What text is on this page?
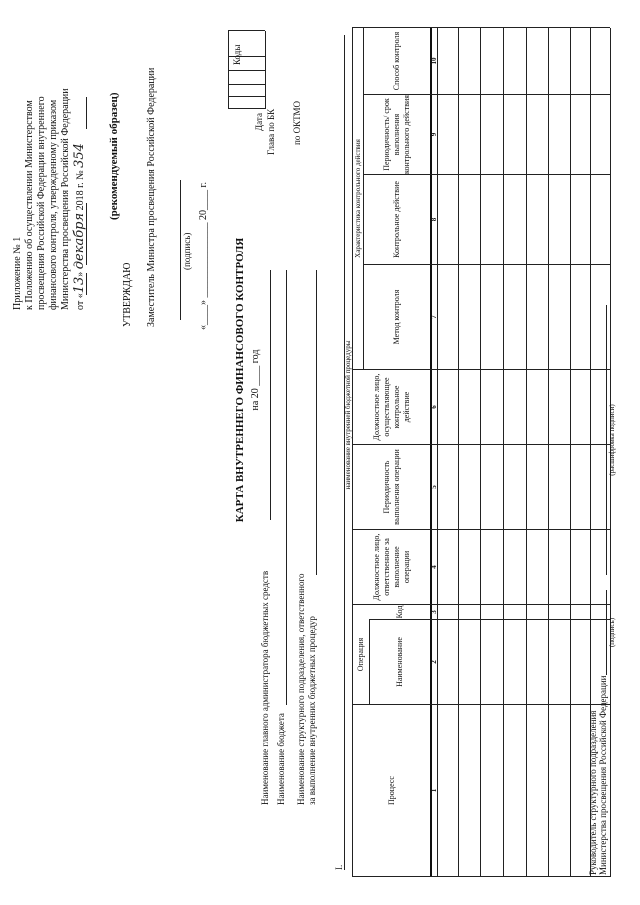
Приложение № 1 к Положению об осуществлении Министерством просвещения Российской Федерации внутреннего финансового контроля, утвержденному приказом Министерства просвещения Российской Федерации от «13» декабря 2018 г. № 354 (рекомендуемый образец)
УТВЕРЖДАЮ Заместитель Министра просвещения Российской Федерации	(подпись) «____» _______________ 20____ г.
Коды
Дата Глава по БК по ОКТМО
КАРТА ВНУТРЕННЕГО ФИНАНСОВОГО КОНТРОЛЯ на 20 ____ год
Наименование главного администратора бюджетных средств Наименование бюджета Наименование структурного подразделения, ответственного за выполнение внутренних бюджетных процедур
I.
наименование внутренней бюджетной процедуры
Процесс
Операция	Наименование
Код
Должностное лицо, ответственное за выполнение операции
Периодичность выполнения операции
Должностное лицо, осуществляющее контрольное действие
Характеристика контрольного действия
Метод контроля
Контрольное действие
Периодичность/ срок выполнения контрольного действия
Способ контроля
1
2
3
4
5
6
7
8
9
10
Руководитель структурного подразделения Министерства просвещения Российской Федерации
(подпись)
(расшифровка подписи)
